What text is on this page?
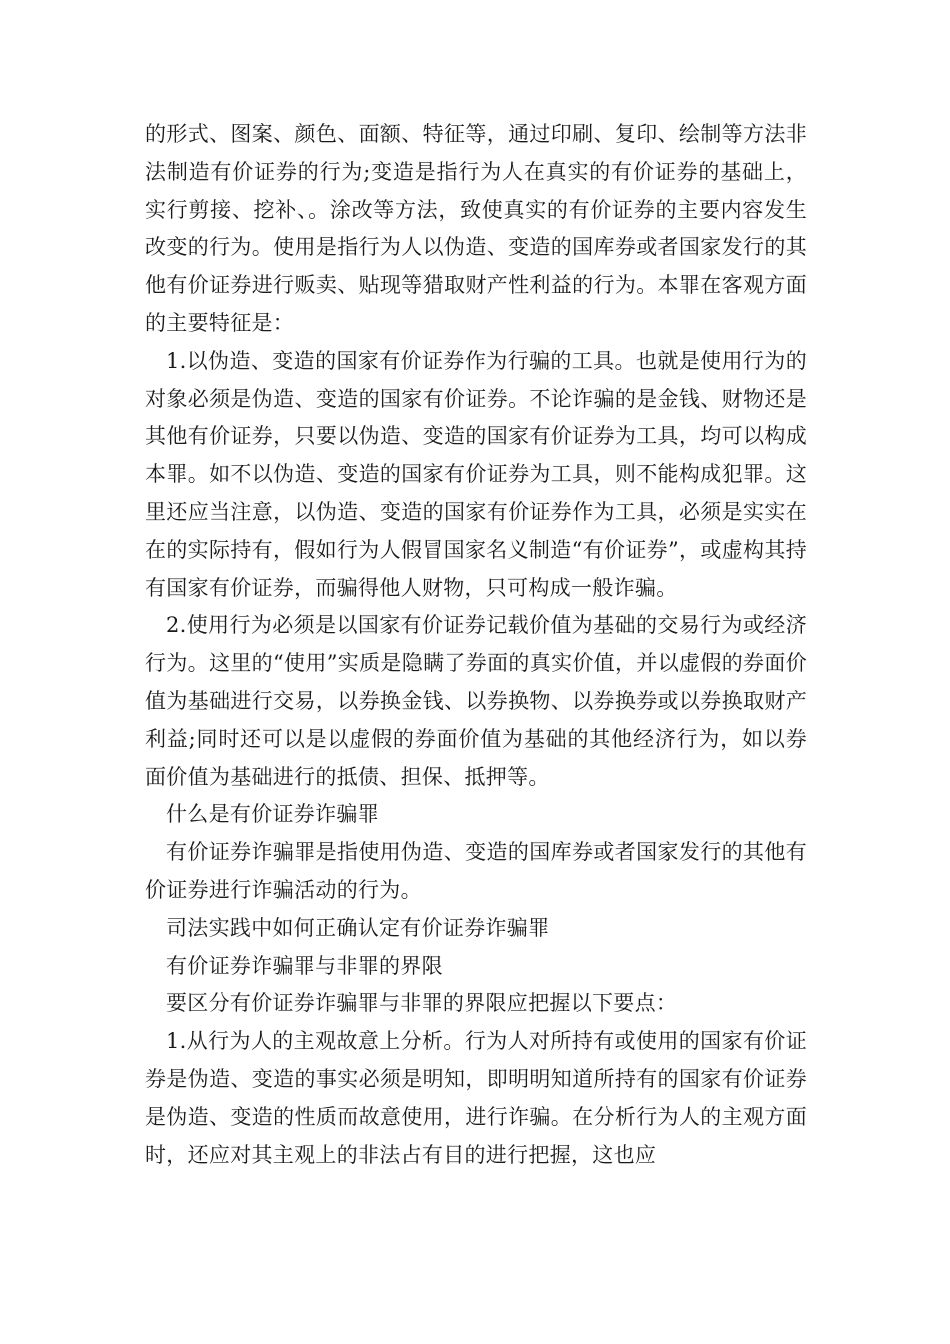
的形式、图案、颜色、面额、特征等，通过印刷、复印、绘制等方法非法制造有价证券的行为;变造是指行为人在真实的有价证券的基础上，实行剪接、挖补、。涂改等方法，致使真实的有价证券的主要内容发生改变的行为。使用是指行为人以伪造、变造的国库券或者国家发行的其他有价证券进行贩卖、贴现等猎取财产性利益的行为。本罪在客观方面的主要特征是：

1.以伪造、变造的国家有价证券作为行骗的工具。也就是使用行为的对象必须是伪造、变造的国家有价证券。不论诈骗的是金钱、财物还是其他有价证券，只要以伪造、变造的国家有价证券为工具，均可以构成本罪。如不以伪造、变造的国家有价证券为工具，则不能构成犯罪。这里还应当注意，以伪造、变造的国家有价证券作为工具，必须是实实在在的实际持有，假如行为人假冒国家名义制造“有价证券”，或虚构其持有国家有价证券，而骗得他人财物，只可构成一般诈骗。

2.使用行为必须是以国家有价证券记载价值为基础的交易行为或经济行为。这里的“使用”实质是隐瞒了券面的真实价值，并以虚假的券面价值为基础进行交易，以券换金钱、以券换物、以券换券或以券换取财产利益;同时还可以是以虚假的券面价值为基础的其他经济行为，如以券面价值为基础进行的抵债、担保、抵押等。

什么是有价证券诈骗罪

有价证券诈骗罪是指使用伪造、变造的国库券或者国家发行的其他有价证券进行诈骗活动的行为。

司法实践中如何正确认定有价证券诈骗罪

有价证券诈骗罪与非罪的界限

要区分有价证券诈骗罪与非罪的界限应把握以下要点：

1.从行为人的主观故意上分析。行为人对所持有或使用的国家有价证券是伪造、变造的事实必须是明知，即明明知道所持有的国家有价证券是伪造、变造的性质而故意使用，进行诈骗。在分析行为人的主观方面时，还应对其主观上的非法占有目的进行把握，这也应
